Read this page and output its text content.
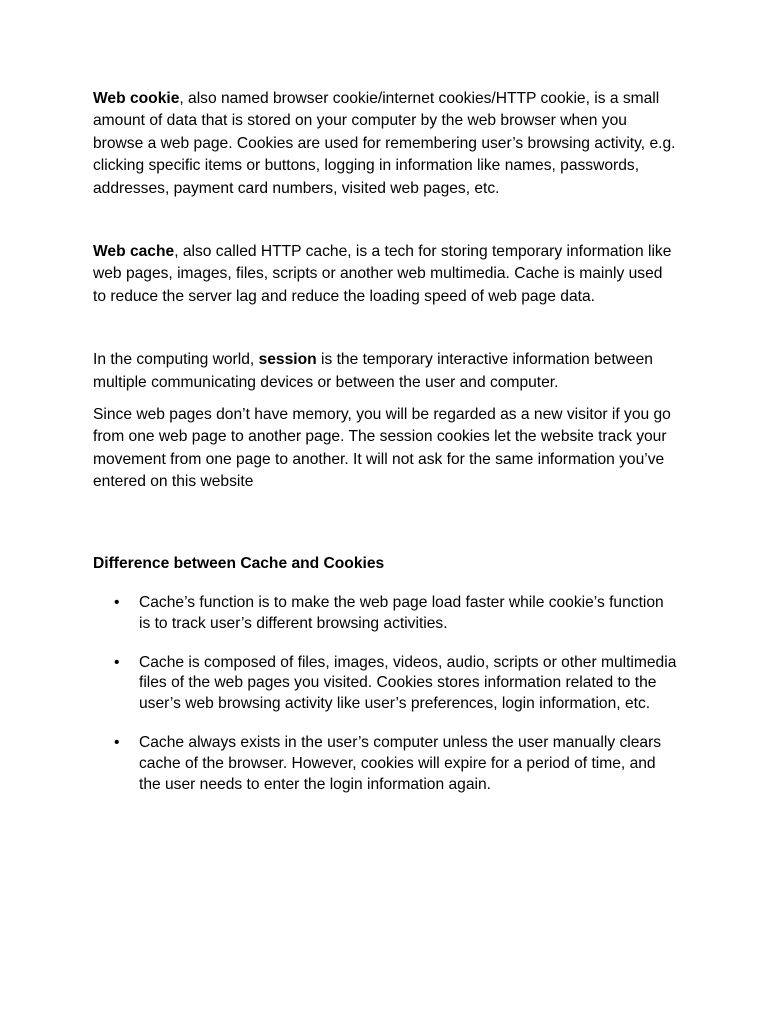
Web cookie, also named browser cookie/internet cookies/HTTP cookie, is a small amount of data that is stored on your computer by the web browser when you browse a web page. Cookies are used for remembering user’s browsing activity, e.g. clicking specific items or buttons, logging in information like names, passwords, addresses, payment card numbers, visited web pages, etc.

Web cache, also called HTTP cache, is a tech for storing temporary information like web pages, images, files, scripts or another web multimedia. Cache is mainly used to reduce the server lag and reduce the loading speed of web page data.

In the computing world, session is the temporary interactive information between multiple communicating devices or between the user and computer.

Since web pages don’t have memory, you will be regarded as a new visitor if you go from one web page to another page. The session cookies let the website track your movement from one page to another. It will not ask for the same information you’ve entered on this website

Difference between Cache and Cookies

• Cache’s function is to make the web page load faster while cookie’s function is to track user’s different browsing activities.
• Cache is composed of files, images, videos, audio, scripts or other multimedia files of the web pages you visited. Cookies stores information related to the user’s web browsing activity like user’s preferences, login information, etc.
• Cache always exists in the user’s computer unless the user manually clears cache of the browser. However, cookies will expire for a period of time, and the user needs to enter the login information again.
